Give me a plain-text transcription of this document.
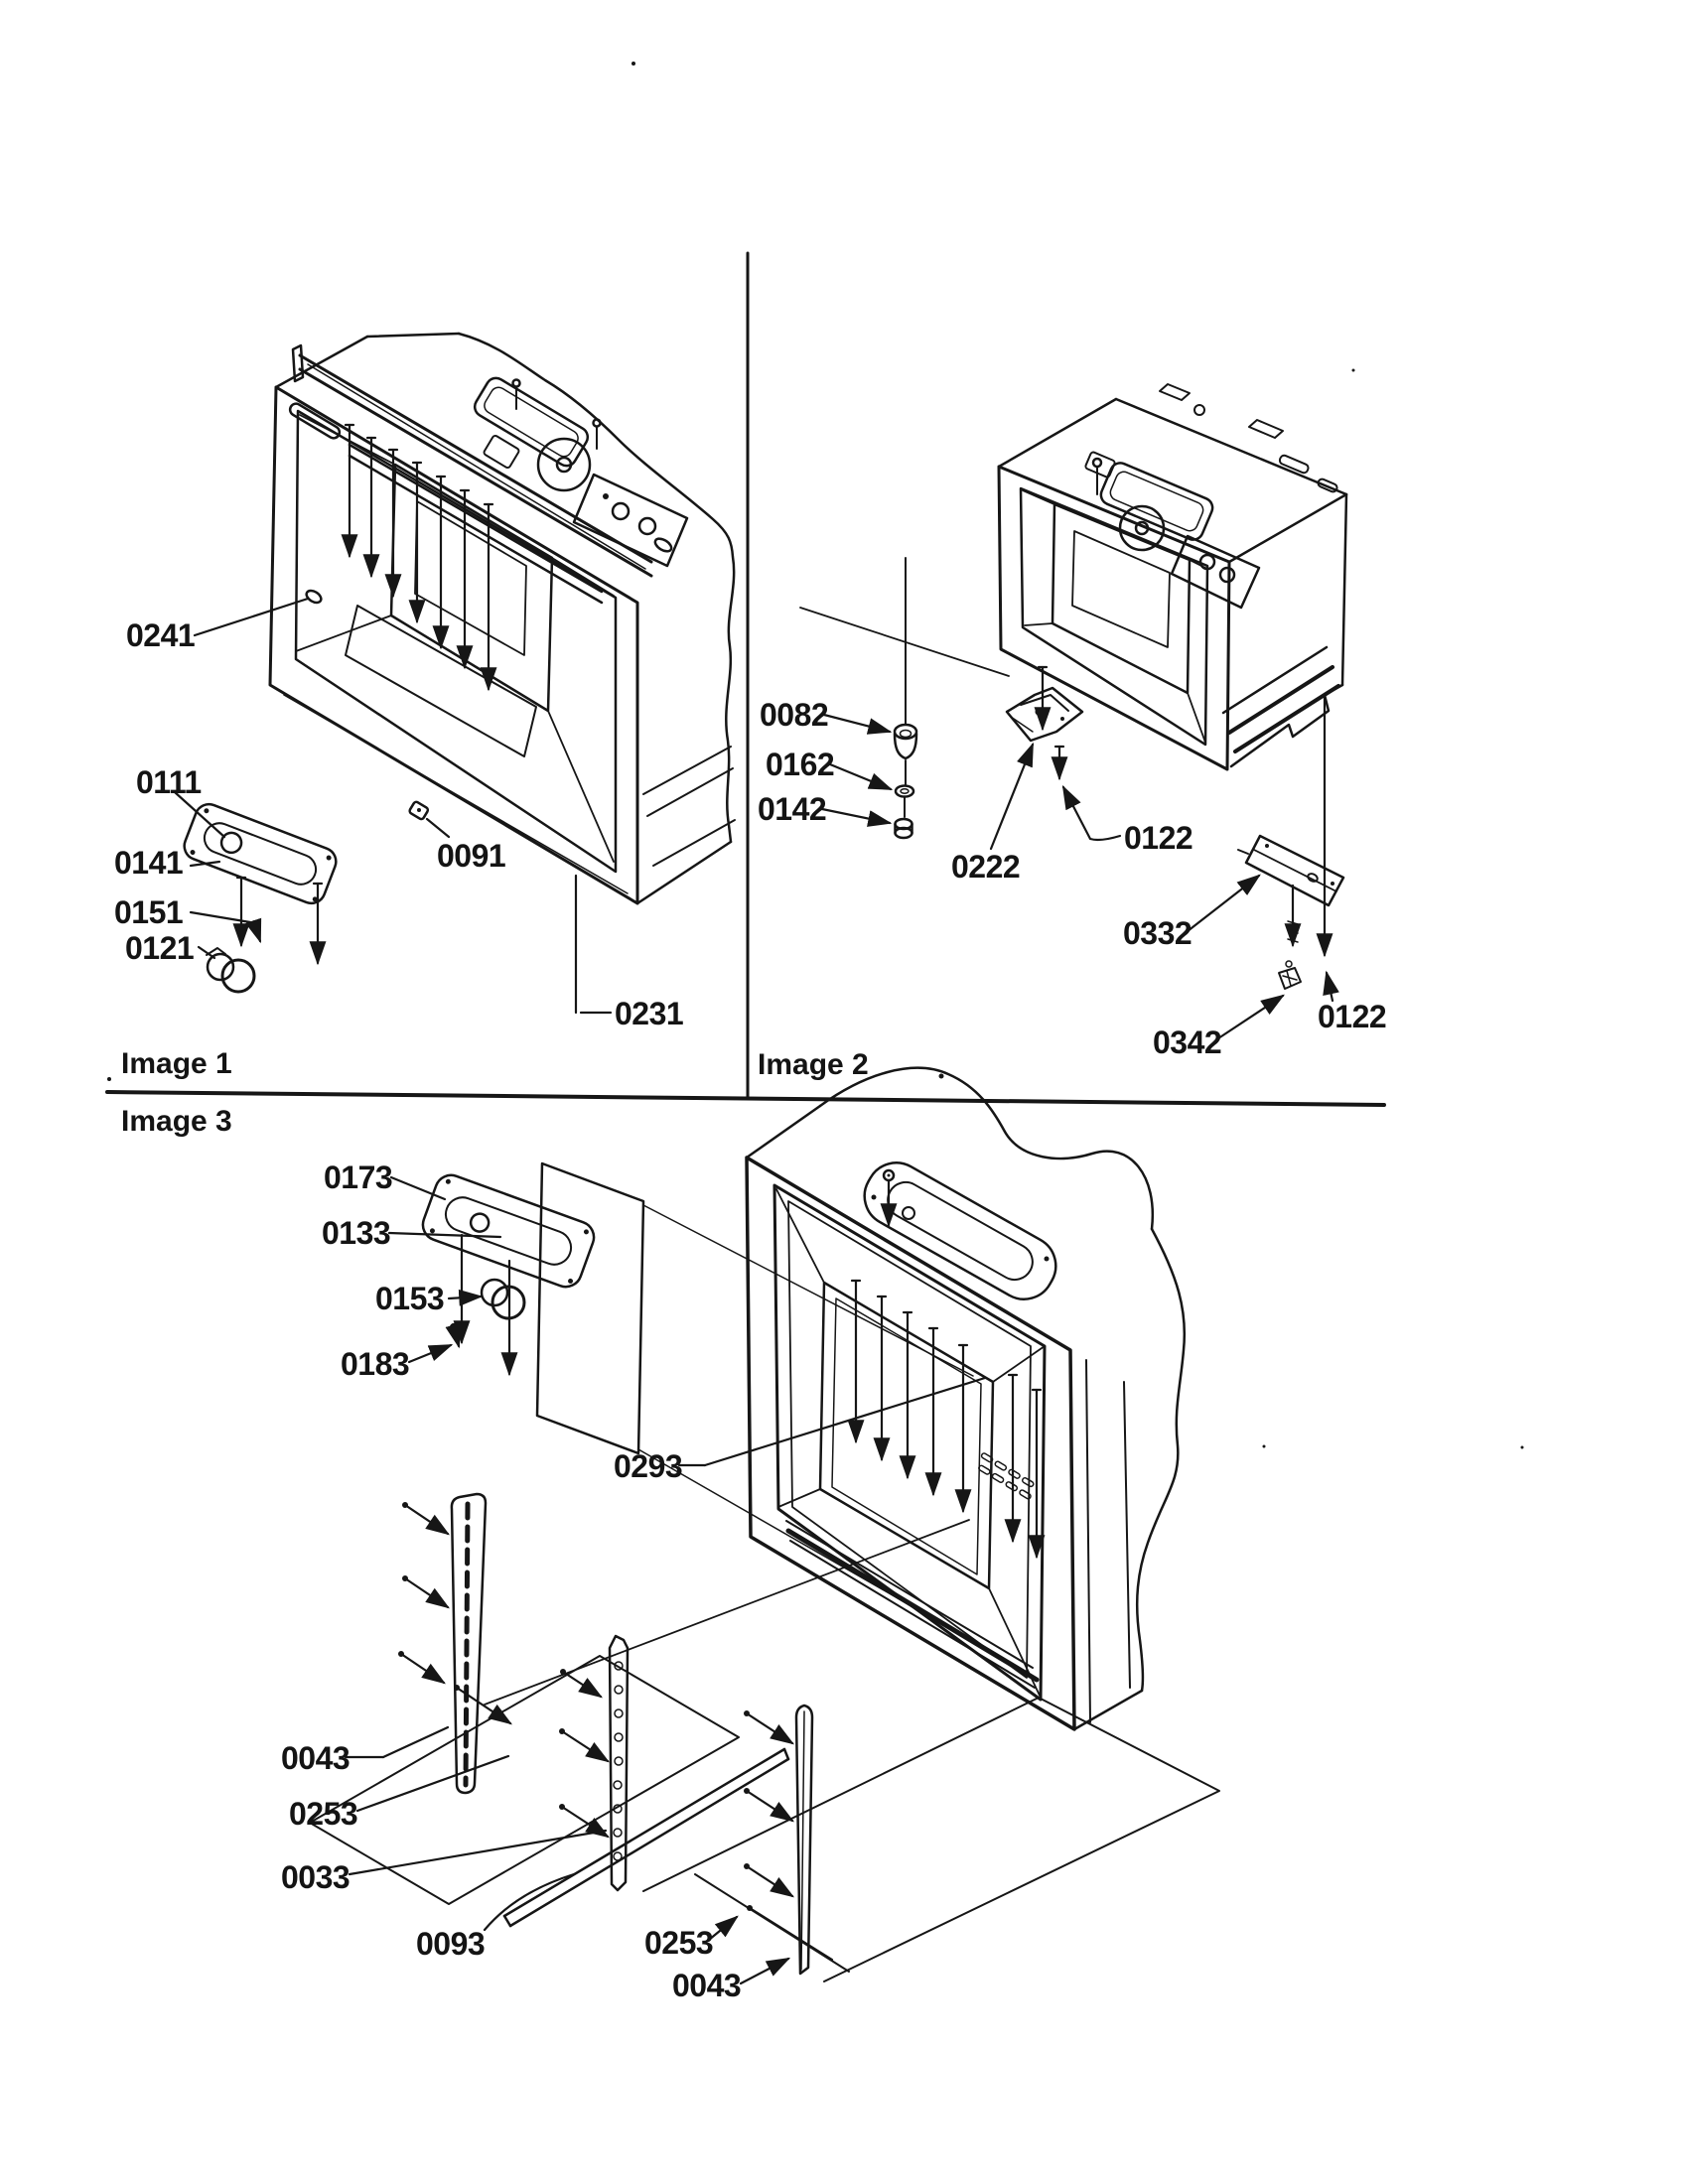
Image 1	Image 2
Image 3
0241
0111
0141
0151
0121
0091
0231
0082
0162
0142
0222
0122
0332
0342
0122
0173
0133
0153
0183
0293
0043
0253
0033
0093	0253
0043
